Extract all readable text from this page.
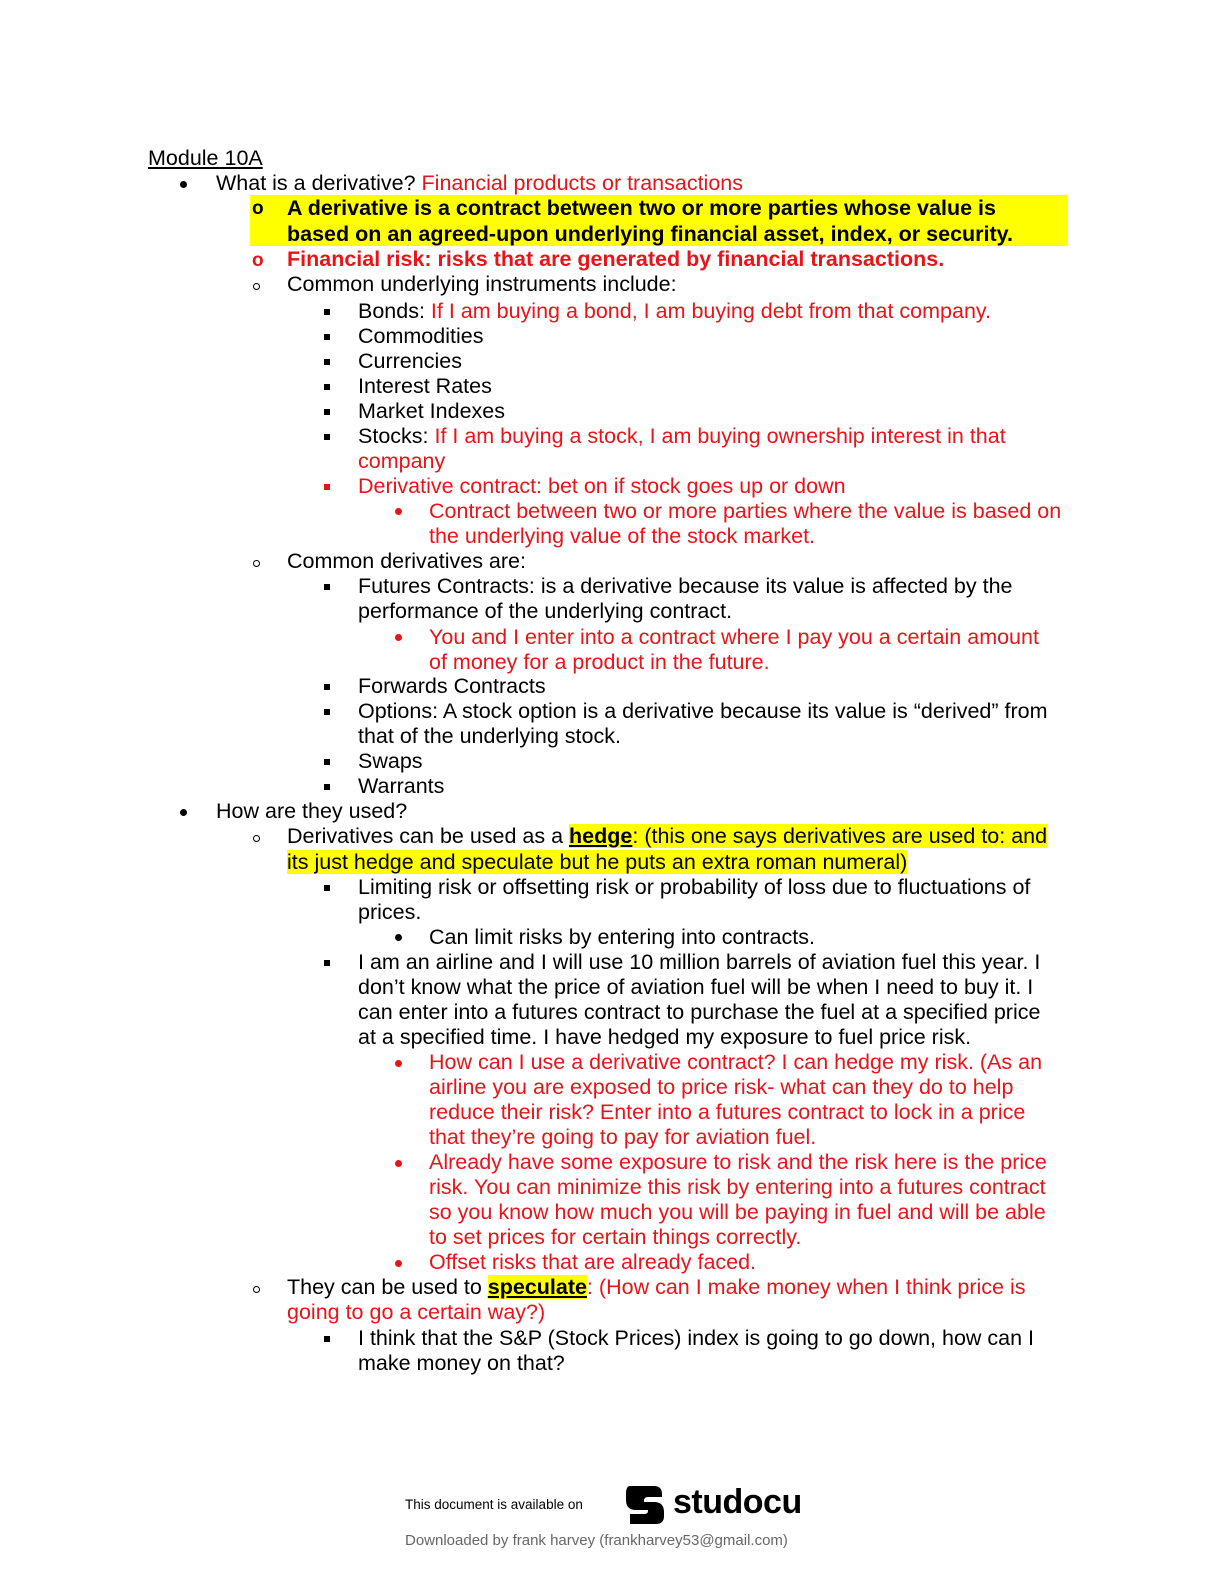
Module 10A
What is a derivative? Financial products or transactions
o A derivative is a contract between two or more parties whose value is
based on an agreed-upon underlying financial asset, index, or security.
o Financial risk: risks that are generated by financial transactions.
Common underlying instruments include:
Bonds: If I am buying a bond, I am buying debt from that company.
Commodities
Currencies
Interest Rates
Market Indexes
Stocks: If I am buying a stock, I am buying ownership interest in that
company
Derivative contract: bet on if stock goes up or down
Contract between two or more parties where the value is based on
the underlying value of the stock market.
Common derivatives are:
Futures Contracts: is a derivative because its value is affected by the
performance of the underlying contract.
You and I enter into a contract where I pay you a certain amount
of money for a product in the future.
Forwards Contracts
Options: A stock option is a derivative because its value is “derived” from
that of the underlying stock.
Swaps
Warrants
How are they used?
Derivatives can be used as a hedge: (this one says derivatives are used to: and
its just hedge and speculate but he puts an extra roman numeral)
Limiting risk or offsetting risk or probability of loss due to fluctuations of
prices.
Can limit risks by entering into contracts.
I am an airline and I will use 10 million barrels of aviation fuel this year. I
don’t know what the price of aviation fuel will be when I need to buy it. I
can enter into a futures contract to purchase the fuel at a specified price
at a specified time. I have hedged my exposure to fuel price risk.
How can I use a derivative contract? I can hedge my risk. (As an
airline you are exposed to price risk- what can they do to help
reduce their risk? Enter into a futures contract to lock in a price
that they’re going to pay for aviation fuel.
Already have some exposure to risk and the risk here is the price
risk. You can minimize this risk by entering into a futures contract
so you know how much you will be paying in fuel and will be able
to set prices for certain things correctly.
Offset risks that are already faced.
They can be used to speculate: (How can I make money when I think price is
going to go a certain way?)
I think that the S&P (Stock Prices) index is going to go down, how can I
make money on that?
This document is available on	studocu
Downloaded by frank harvey (frankharvey53@gmail.com)
